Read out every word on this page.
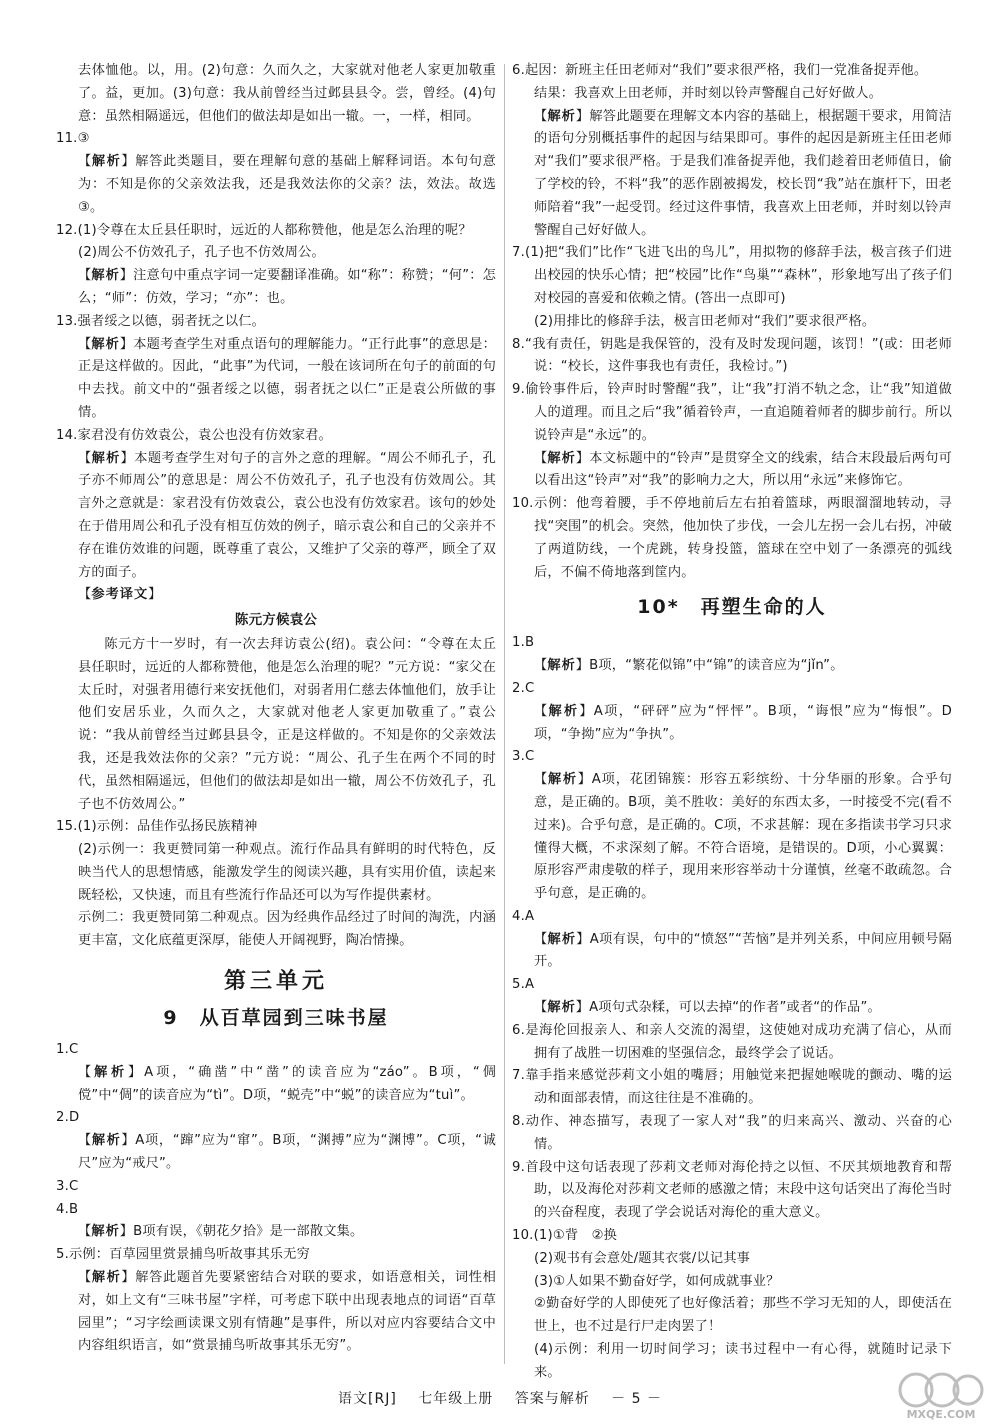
去体恤他。以，用。(2)句意：久而久之，大家就对他老人家更加敬重了。益，更加。(3)句意：我从前曾经当过邺县县令。尝，曾经。(4)句意：虽然相隔遥远，但他们的做法却是如出一辙。一，一样，相同。

11.③

【解析】解答此类题目，要在理解句意的基础上解释词语。本句句意为：不知是你的父亲效法我，还是我效法你的父亲？法，效法。故选③。

12.(1)令尊在太丘县任职时，远近的人都称赞他，他是怎么治理的呢？

(2)周公不仿效孔子，孔子也不仿效周公。

【解析】注意句中重点字词一定要翻译准确。如“称”：称赞；“何”：怎么；“师”：仿效，学习；“亦”：也。

13.强者绥之以德，弱者抚之以仁。

【解析】本题考查学生对重点语句的理解能力。“正行此事”的意思是：正是这样做的。因此，“此事”为代词，一般在该词所在句子的前面的句中去找。前文中的“强者绥之以德，弱者抚之以仁”正是袁公所做的事情。

14.家君没有仿效袁公，袁公也没有仿效家君。

【解析】本题考查学生对句子的言外之意的理解。“周公不师孔子，孔子亦不师周公”的意思是：周公不仿效孔子，孔子也没有仿效周公。其言外之意就是：家君没有仿效袁公，袁公也没有仿效家君。该句的妙处在于借用周公和孔子没有相互仿效的例子，暗示袁公和自己的父亲并不存在谁仿效谁的问题，既尊重了袁公，又维护了父亲的尊严，顾全了双方的面子。

【参考译文】

陈元方候袁公

陈元方十一岁时，有一次去拜访袁公(绍)。袁公问：“令尊在太丘县任职时，远近的人都称赞他，他是怎么治理的呢？”元方说：“家父在太丘时，对强者用德行来安抚他们，对弱者用仁慈去体恤他们，放手让他们安居乐业，久而久之，大家就对他老人家更加敬重了。”袁公说：“我从前曾经当过邺县县令，正是这样做的。不知是你的父亲效法我，还是我效法你的父亲？”元方说：“周公、孔子生在两个不同的时代，虽然相隔遥远，但他们的做法却是如出一辙，周公不仿效孔子，孔子也不仿效周公。”

15.(1)示例：品佳作弘扬民族精神

(2)示例一：我更赞同第一种观点。流行作品具有鲜明的时代特色，反映当代人的思想情感，能激发学生的阅读兴趣，具有实用价值，读起来既轻松，又快速，而且有些流行作品还可以为写作提供素材。

示例二：我更赞同第二种观点。因为经典作品经过了时间的淘洗，内涵更丰富，文化底蕴更深厚，能使人开阔视野，陶冶情操。

第三单元
9　从百草园到三味书屋

1.C

【解析】A项，“确凿”中“凿”的读音应为“záo”。B项，“倜傥”中“倜”的读音应为“tì”。D项，“蜕壳”中“蜕”的读音应为“tuì”。

2.D

【解析】A项，“蹿”应为“窜”。B项，“渊搏”应为“渊博”。C项，“诚尺”应为“戒尺”。

3.C

4.B

【解析】B项有误，《朝花夕拾》是一部散文集。

5.示例：百草园里赏景捕鸟听故事其乐无穷

【解析】解答此题首先要紧密结合对联的要求，如语意相关，词性相对，如上文有“三味书屋”字样，可考虑下联中出现表地点的词语“百草园里”；“习字绘画读课文别有情趣”是事件，所以对应内容要结合文中内容组织语言，如“赏景捕鸟听故事其乐无穷”。

6.起因：新班主任田老师对“我们”要求很严格，我们一党准备捉弄他。

结果：我喜欢上田老师，并时刻以铃声警醒自己好好做人。

【解析】解答此题要在理解文本内容的基础上，根据题干要求，用简洁的语句分别概括事件的起因与结果即可。事件的起因是新班主任田老师对“我们”要求很严格。于是我们准备捉弄他，我们趁着田老师值日，偷了学校的铃，不料“我”的恶作剧被揭发，校长罚“我”站在旗杆下，田老师陪着“我”一起受罚。经过这件事情，我喜欢上田老师，并时刻以铃声警醒自己好好做人。

7.(1)把“我们”比作“飞进飞出的鸟儿”，用拟物的修辞手法，极言孩子们进出校园的快乐心情；把“校园”比作“鸟巢”“森林”，形象地写出了孩子们对校园的喜爱和依赖之情。(答出一点即可)

(2)用排比的修辞手法，极言田老师对“我们”要求很严格。

8.“我有责任，钥匙是我保管的，没有及时发现问题，该罚！”(或：田老师说：“校长，这件事我也有责任，我检讨。”)

9.偷铃事件后，铃声时时警醒“我”，让“我”打消不轨之念，让“我”知道做人的道理。而且之后“我”循着铃声，一直追随着师者的脚步前行。所以说铃声是“永远”的。

【解析】本文标题中的“铃声”是贯穿全文的线索，结合末段最后两句可以看出这“铃声”对“我”的影响力之大，所以用“永远”来修饰它。

10.示例：他弯着腰，手不停地前后左右拍着篮球，两眼溜溜地转动，寻找“突围”的机会。突然，他加快了步伐，一会儿左拐一会儿右拐，冲破了两道防线，一个虎跳，转身投篮，篮球在空中划了一条漂亮的弧线后，不偏不倚地落到筐内。

10*　再塑生命的人

1.B

【解析】B项，“繁花似锦”中“锦”的读音应为“jǐn”。

2.C

【解析】A项，“砰砰”应为“怦怦”。B项，“诲恨”应为“悔恨”。D项，“争拗”应为“争执”。

3.C

【解析】A项，花团锦簇：形容五彩缤纷、十分华丽的形象。合乎句意，是正确的。B项，美不胜收：美好的东西太多，一时接受不完(看不过来)。合乎句意，是正确的。C项，不求甚解：现在多指读书学习只求懂得大概，不求深刻了解。不符合语境，是错误的。D项，小心翼翼：原形容严肃虔敬的样子，现用来形容举动十分谨慎，丝毫不敢疏忽。合乎句意，是正确的。

4.A

【解析】A项有误，句中的“愤怒”“苦恼”是并列关系，中间应用顿号隔开。

5.A

【解析】A项句式杂糅，可以去掉“的作者”或者“的作品”。

6.是海伦回报亲人、和亲人交流的渴望，这使她对成功充满了信心，从而拥有了战胜一切困难的坚强信念，最终学会了说话。

7.靠手指来感觉莎莉文小姐的嘴唇；用触觉来把握她喉咙的颤动、嘴的运动和面部表情，而这往往是不准确的。

8.动作、神态描写，表现了一家人对“我”的归来高兴、激动、兴奋的心情。

9.首段中这句话表现了莎莉文老师对海伦持之以恒、不厌其烦地教育和帮助，以及海伦对莎莉文老师的感激之情；末段中这句话突出了海伦当时的兴奋程度，表现了学会说话对海伦的重大意义。

10.(1)①背　②换

(2)观书有会意处/题其衣裳/以记其事

(3)①人如果不勤奋好学，如何成就事业？

②勤奋好学的人即使死了也好像活着；那些不学习无知的人，即使活在世上，也不过是行尸走肉罢了！

(4)示例：利用一切时间学习；读书过程中一有心得，就随时记录下来。

语文[RJ] 七年级上册 答案与解析 － 5 －
MXQE.COM
